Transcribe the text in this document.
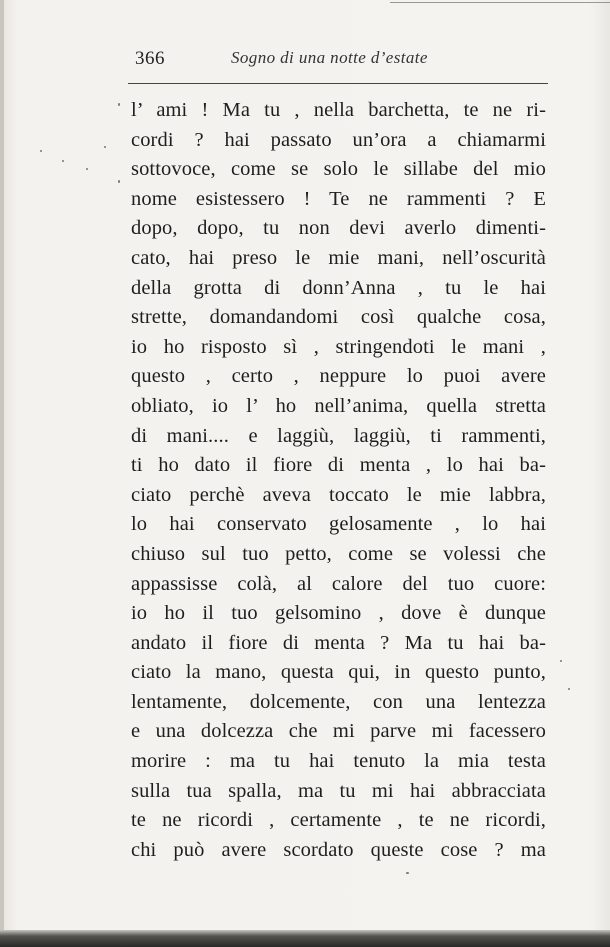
366	Sogno di una notte d’estate
l’ ami ! Ma tu , nella barchetta, te ne ri-
cordi ? hai passato un’ora a chiamarmi
sottovoce, come se solo le sillabe del mio
nome esistessero ! Te ne rammenti ? E
dopo, dopo, tu non devi averlo dimenti-
cato, hai preso le mie mani, nell’oscurità
della grotta di donn’Anna , tu le hai
strette, domandandomi così qualche cosa,
io ho risposto sì , stringendoti le mani ,
questo , certo , neppure lo puoi avere
obliato, io l’ ho nell’anima, quella stretta
di mani.... e laggiù, laggiù, ti rammenti,
ti ho dato il fiore di menta , lo hai ba-
ciato perchè aveva toccato le mie labbra,
lo hai conservato gelosamente , lo hai
chiuso sul tuo petto, come se volessi che
appassisse colà, al calore del tuo cuore:
io ho il tuo gelsomino , dove è dunque
andato il fiore di menta ? Ma tu hai ba-
ciato la mano, questa qui, in questo punto,
lentamente, dolcemente, con una lentezza
e una dolcezza che mi parve mi facessero
morire : ma tu hai tenuto la mia testa
sulla tua spalla, ma tu mi hai abbracciata
te ne ricordi , certamente , te ne ricordi,
chi può avere scordato queste cose ? ma
